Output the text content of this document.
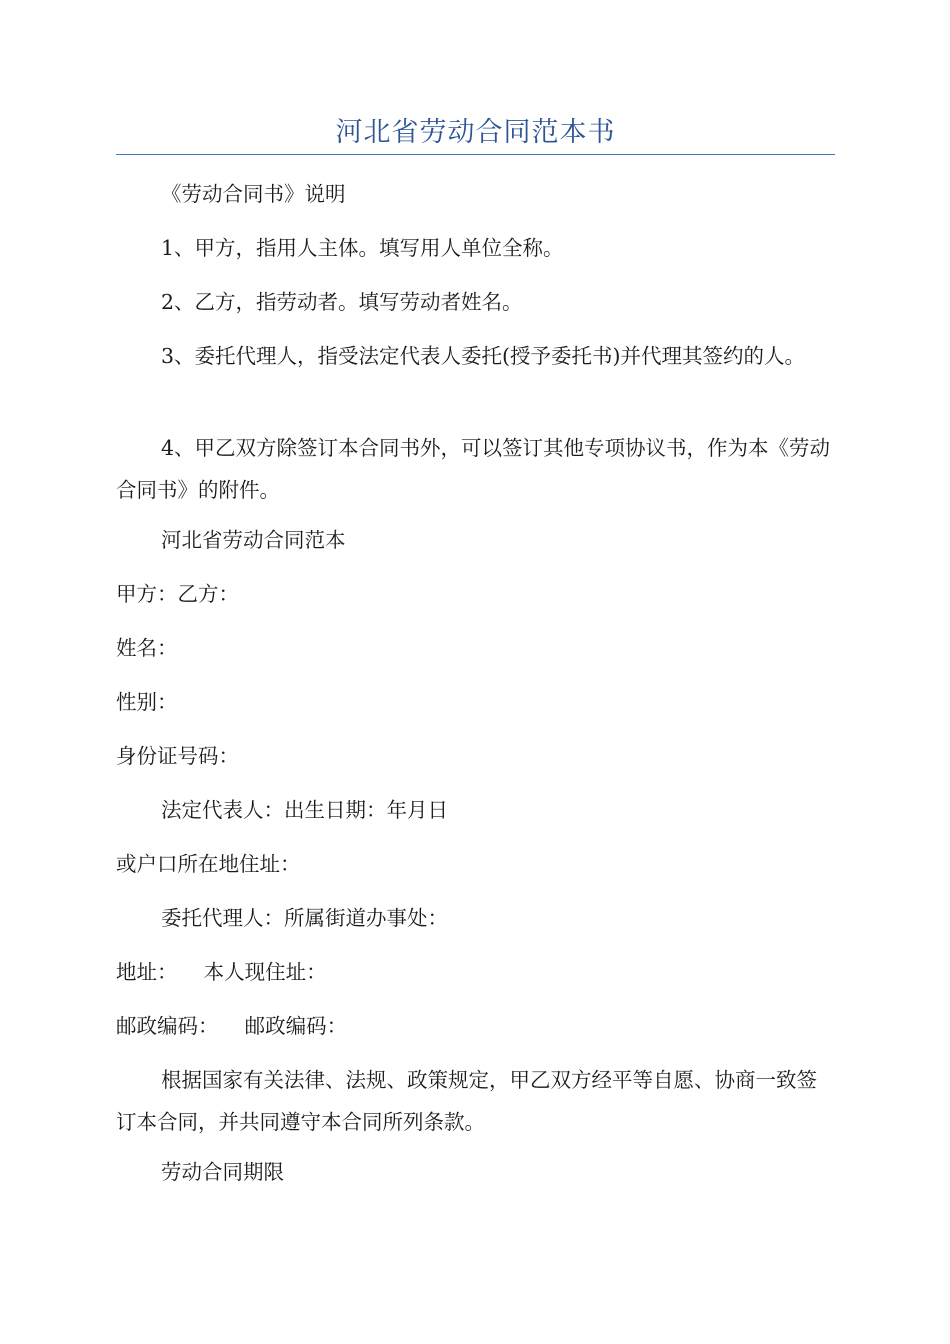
河北省劳动合同范本书

《劳动合同书》说明

1、甲方，指用人主体。填写用人单位全称。

2、乙方，指劳动者。填写劳动者姓名。

3、委托代理人，指受法定代表人委托(授予委托书)并代理其签约的人。

4、甲乙双方除签订本合同书外，可以签订其他专项协议书，作为本《劳动合同书》的附件。

河北省劳动合同范本

甲方：乙方：

姓名：

性别：

身份证号码：

法定代表人：出生日期：年月日

或户口所在地住址：

委托代理人：所属街道办事处：

地址：    本人现住址：

邮政编码：    邮政编码：

根据国家有关法律、法规、政策规定，甲乙双方经平等自愿、协商一致签订本合同，并共同遵守本合同所列条款。

劳动合同期限
